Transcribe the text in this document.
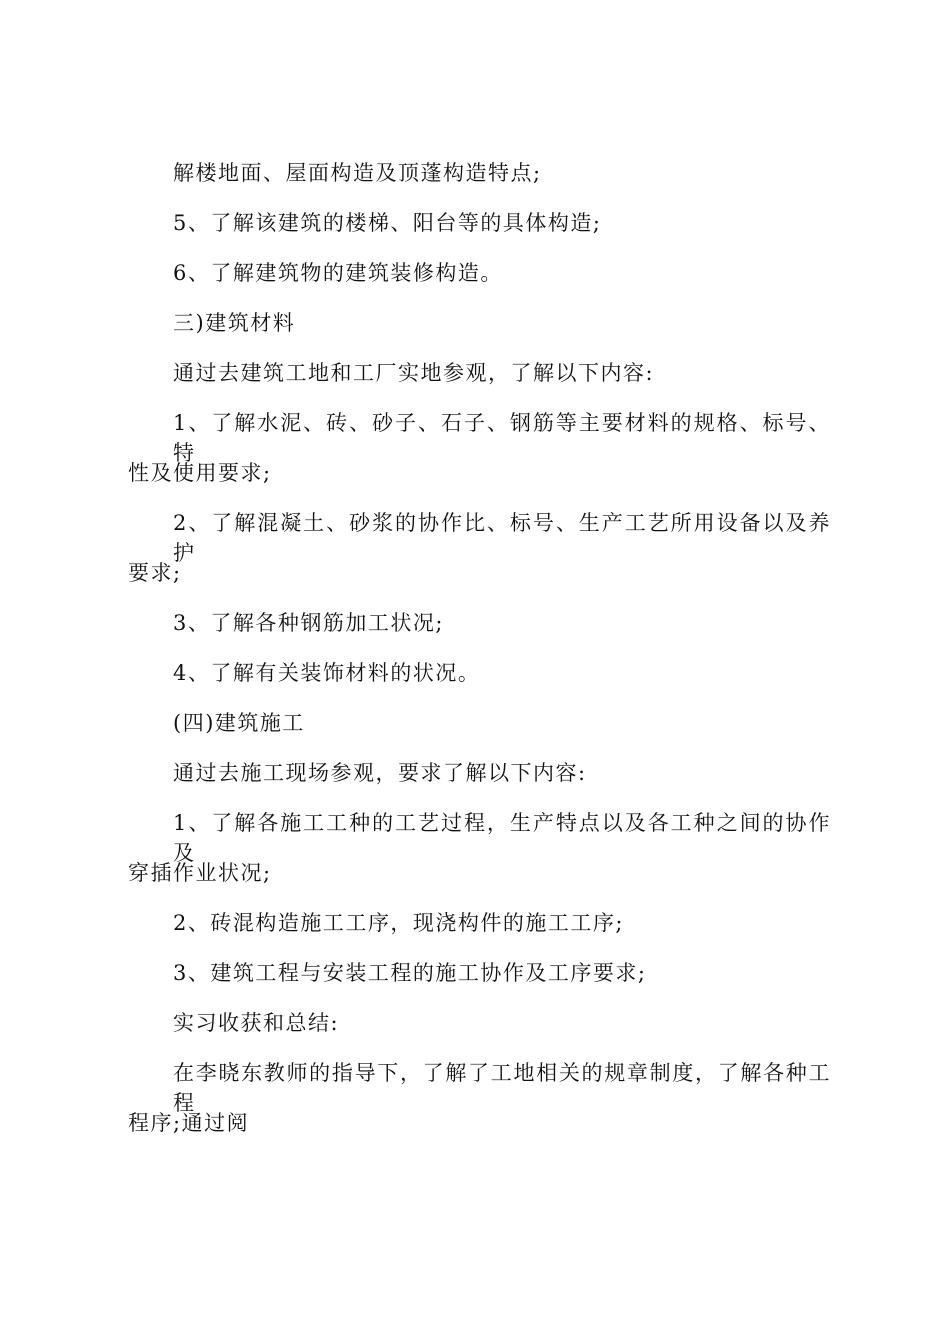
解楼地面、屋面构造及顶蓬构造特点;
5、了解该建筑的楼梯、阳台等的具体构造;
6、了解建筑物的建筑装修构造。
三)建筑材料
通过去建筑工地和工厂实地参观，了解以下内容:
1、了解水泥、砖、砂子、石子、钢筋等主要材料的规格、标号、特
性及使用要求;
2、了解混凝土、砂浆的协作比、标号、生产工艺所用设备以及养护
要求;
3、了解各种钢筋加工状况;
4、了解有关装饰材料的状况。
(四)建筑施工
通过去施工现场参观，要求了解以下内容:
1、了解各施工工种的工艺过程，生产特点以及各工种之间的协作及
穿插作业状况;
2、砖混构造施工工序，现浇构件的施工工序;
3、建筑工程与安装工程的施工协作及工序要求;
实习收获和总结:
在李晓东教师的指导下，了解了工地相关的规章制度，了解各种工程
程序;通过阅
